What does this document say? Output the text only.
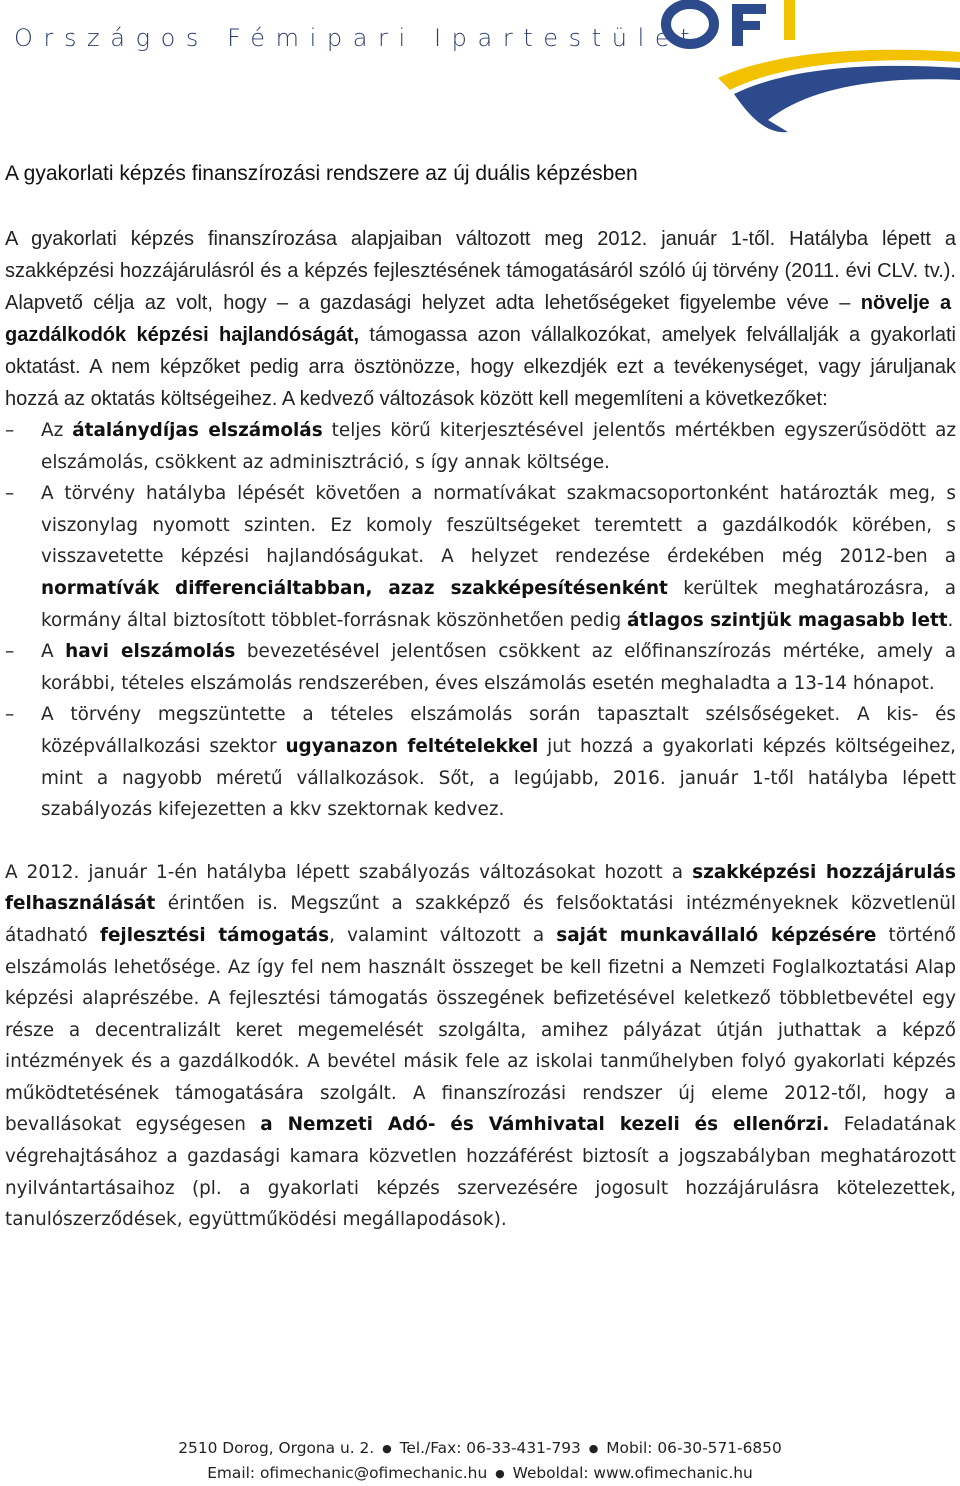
Országos Fémipari Ipartestület
A gyakorlati képzés finanszírozási rendszere az új duális képzésben

A gyakorlati képzés finanszírozása alapjaiban változott meg 2012. január 1-től. Hatályba lépett a szakképzési hozzájárulásról és a képzés fejlesztésének támogatásáról szóló új törvény (2011. évi CLV. tv.). Alapvető célja az volt, hogy – a gazdasági helyzet adta lehetőségeket figyelembe véve – növelje a gazdálkodók képzési hajlandóságát, támogassa azon vállalkozókat, amelyek felvállalják a gyakorlati oktatást. A nem képzőket pedig arra ösztönözze, hogy elkezdjék ezt a tevékenységet, vagy járuljanak hozzá az oktatás költségeihez. A kedvező változások között kell megemlíteni a következőket:

–	Az átalánydíjas elszámolás teljes körű kiterjesztésével jelentős mértékben egyszerűsödött az elszámolás, csökkent az adminisztráció, s így annak költsége.
–	A törvény hatályba lépését követően a normatívákat szakmacsoportonként határozták meg, s viszonylag nyomott szinten. Ez komoly feszültségeket teremtett a gazdálkodók körében, s visszavetette képzési hajlandóságukat. A helyzet rendezése érdekében még 2012-ben a normatívák differenciáltabban, azaz szakképesítésenként kerültek meghatározásra, a kormány által biztosított többlet-forrásnak köszönhetően pedig átlagos szintjük magasabb lett.
–	A havi elszámolás bevezetésével jelentősen csökkent az előfinanszírozás mértéke, amely a korábbi, tételes elszámolás rendszerében, éves elszámolás esetén meghaladta a 13-14 hónapot.
–	A törvény megszüntette a tételes elszámolás során tapasztalt szélsőségeket. A kis- és középvállalkozási szektor ugyanazon feltételekkel jut hozzá a gyakorlati képzés költségeihez, mint a nagyobb méretű vállalkozások. Sőt, a legújabb, 2016. január 1-től hatályba lépett szabályozás kifejezetten a kkv szektornak kedvez.

A 2012. január 1-én hatályba lépett szabályozás változásokat hozott a szakképzési hozzájárulás felhasználását érintően is. Megszűnt a szakképző és felsőoktatási intézményeknek közvetlenül átadható fejlesztési támogatás, valamint változott a saját munkavállaló képzésére történő elszámolás lehetősége. Az így fel nem használt összeget be kell fizetni a Nemzeti Foglalkoztatási Alap képzési alaprészébe. A fejlesztési támogatás összegének befizetésével keletkező többletbevétel egy része a decentralizált keret megemelését szolgálta, amihez pályázat útján juthattak a képző intézmények és a gazdálkodók. A bevétel másik fele az iskolai tanműhelyben folyó gyakorlati képzés működtetésének támogatására szolgált. A finanszírozási rendszer új eleme 2012-től, hogy a bevallásokat egységesen a Nemzeti Adó- és Vámhivatal kezeli és ellenőrzi. Feladatának végrehajtásához a gazdasági kamara közvetlen hozzáférést biztosít a jogszabályban meghatározott nyilvántartásaihoz (pl. a gyakorlati képzés szervezésére jogosult hozzájárulásra kötelezettek, tanulószerződések, együttműködési megállapodások).

2510 Dorog, Orgona u. 2. ● Tel./Fax: 06-33-431-793 ● Mobil: 06-30-571-6850
Email: ofimechanic@ofimechanic.hu ● Weboldal: www.ofimechanic.hu
